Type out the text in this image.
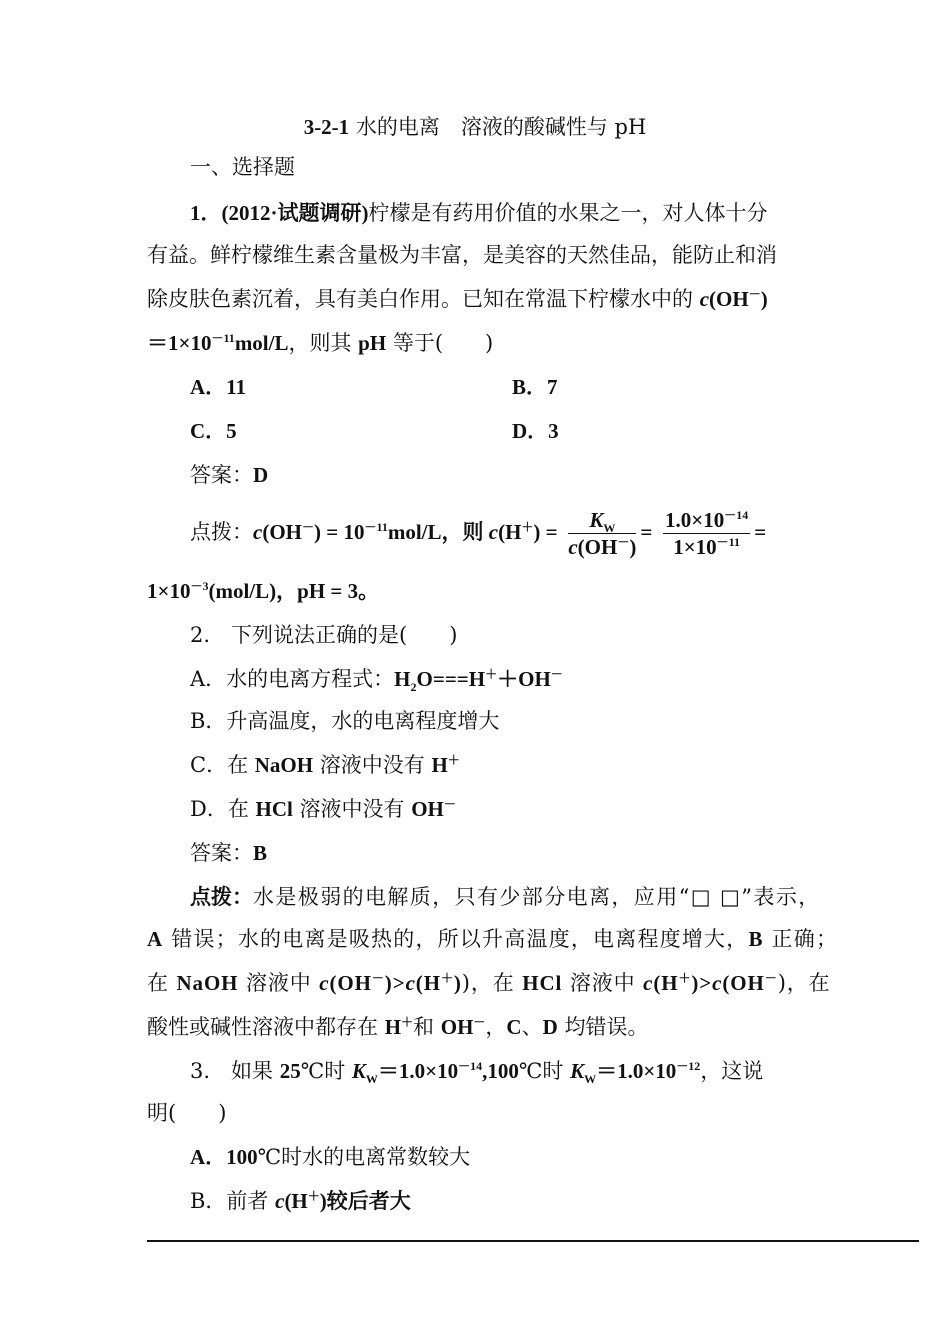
3-2-1 水的电离　溶液的酸碱性与 pH
一、选择题
1．(2012·试题调研)柠檬是有药用价值的水果之一，对人体十分
有益。鲜柠檬维生素含量极为丰富，是美容的天然佳品，能防止和消
除皮肤色素沉着，具有美白作用。已知在常温下柠檬水中的 c(OH－)
$=1\times 10^{-11}mol/L$，则其 pH 等于(　　)
A．11	B．7
C．5	D．3
答案：D
点拨：$c(OH^-) = 10^{-11}mol/L$，则 $c(H^+) = \frac{K_W}{c(OH^-)} = \frac{1.0\times 10^{-14}}{1\times 10^{-11}}$ =
$1\times 10^{-3}(mol/L)$，pH = 3。
2.　下列说法正确的是(　　)
A．水的电离方程式：$H_2O===H^++OH^-$
B．升高温度，水的电离程度增大
C．在 NaOH 溶液中没有 H＋
D．在 HCl 溶液中没有 OH－
答案：B
点拨：水是极弱的电解质，只有少部分电离，应用“□ □”表示，
A 错误；水的电离是吸热的，所以升高温度，电离程度增大，B 正确；
在 NaOH 溶液中 c(OH－)>c(H＋))，在 HCl 溶液中 c(H＋)>c(OH－)，在
酸性或碱性溶液中都存在 H＋和 OH－，C、D 均错误。
3.　如果 25℃时 $K_W=1.0\times 10^{-14},100℃$时 $K_W=1.0\times 10^{-12}$，这说
明(　　)
A．100℃时水的电离常数较大
B．前者 c(H＋)较后者大
